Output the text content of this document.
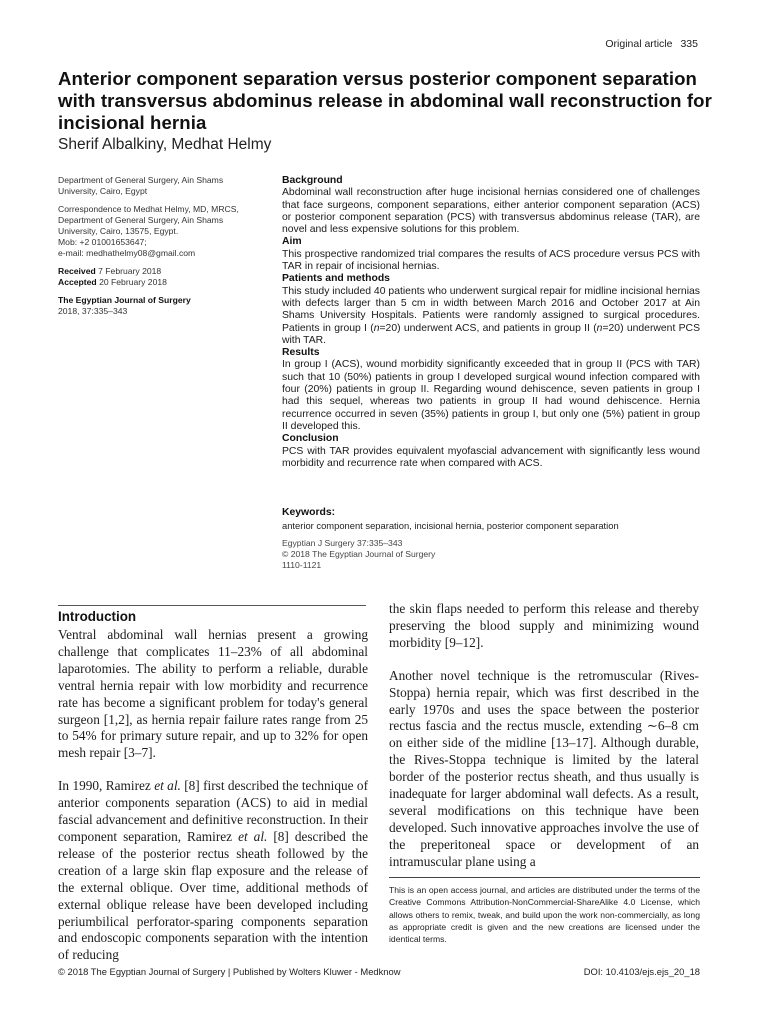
Original article 335
Anterior component separation versus posterior component separation with transversus abdominus release in abdominal wall reconstruction for incisional hernia

Sherif Albalkiny, Medhat Helmy

Department of General Surgery, Ain Shams University, Cairo, Egypt

Correspondence to Medhat Helmy, MD, MRCS, Department of General Surgery, Ain Shams University, Cairo, 13575, Egypt.
Mob: +2 01001653647;
e-mail: medhathelmy08@gmail.com

Received 7 February 2018
Accepted 20 February 2018

The Egyptian Journal of Surgery
2018, 37:335–343

Background

Abdominal wall reconstruction after huge incisional hernias considered one of challenges that face surgeons, component separations, either anterior component separation (ACS) or posterior component separation (PCS) with transversus abdominus release (TAR), are novel and less expensive solutions for this problem.

Aim

This prospective randomized trial compares the results of ACS procedure versus PCS with TAR in repair of incisional hernias.

Patients and methods

This study included 40 patients who underwent surgical repair for midline incisional hernias with defects larger than 5 cm in width between March 2016 and October 2017 at Ain Shams University Hospitals. Patients were randomly assigned to surgical procedures. Patients in group I (n=20) underwent ACS, and patients in group II (n=20) underwent PCS with TAR.

Results

In group I (ACS), wound morbidity significantly exceeded that in group II (PCS with TAR) such that 10 (50%) patients in group I developed surgical wound infection compared with four (20%) patients in group II. Regarding wound dehiscence, seven patients in group I had this sequel, whereas two patients in group II had wound dehiscence. Hernia recurrence occurred in seven (35%) patients in group I, but only one (5%) patient in group II developed this.

Conclusion

PCS with TAR provides equivalent myofascial advancement with significantly less wound morbidity and recurrence rate when compared with ACS.

Keywords:

anterior component separation, incisional hernia, posterior component separation

Egyptian J Surgery 37:335–343

© 2018 The Egyptian Journal of Surgery

1110-1121

Introduction

Ventral abdominal wall hernias present a growing challenge that complicates 11–23% of all abdominal laparotomies. The ability to perform a reliable, durable ventral hernia repair with low morbidity and recurrence rate has become a significant problem for today's general surgeon [1,2], as hernia repair failure rates range from 25 to 54% for primary suture repair, and up to 32% for open mesh repair [3–7].

In 1990, Ramirez et al. [8] first described the technique of anterior components separation (ACS) to aid in medial fascial advancement and definitive reconstruction. In their component separation, Ramirez et al. [8] described the release of the posterior rectus sheath followed by the creation of a large skin flap exposure and the release of the external oblique. Over time, additional methods of external oblique release have been developed including periumbilical perforator-sparing components separation and endoscopic components separation with the intention of reducing

the skin flaps needed to perform this release and thereby preserving the blood supply and minimizing wound morbidity [9–12].

Another novel technique is the retromuscular (Rives-Stoppa) hernia repair, which was first described in the early 1970s and uses the space between the posterior rectus fascia and the rectus muscle, extending ∼6–8 cm on either side of the midline [13–17]. Although durable, the Rives-Stoppa technique is limited by the lateral border of the posterior rectus sheath, and thus usually is inadequate for larger abdominal wall defects. As a result, several modifications on this technique have been developed. Such innovative approaches involve the use of the preperitoneal space or development of an intramuscular plane using a

This is an open access journal, and articles are distributed under the terms of the Creative Commons Attribution-NonCommercial-ShareAlike 4.0 License, which allows others to remix, tweak, and build upon the work non-commercially, as long as appropriate credit is given and the new creations are licensed under the identical terms.

© 2018 The Egyptian Journal of Surgery | Published by Wolters Kluwer - Medknow	DOI: 10.4103/ejs.ejs_20_18
